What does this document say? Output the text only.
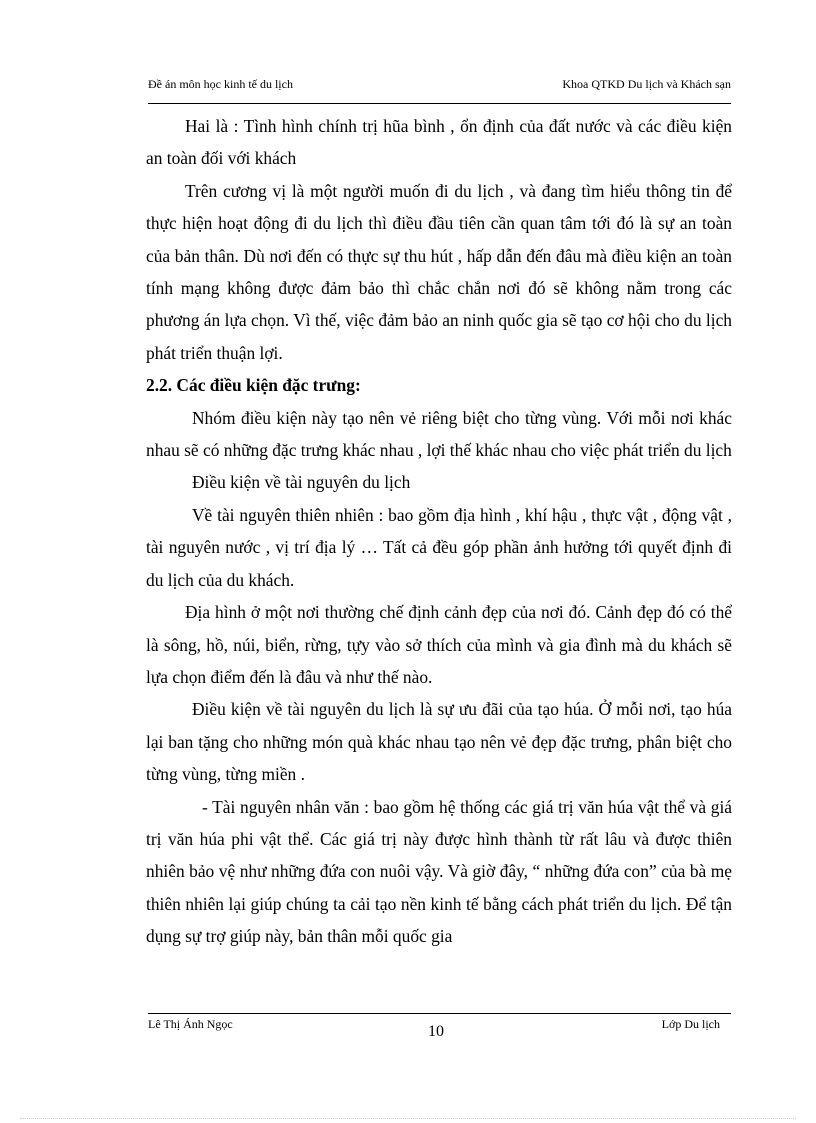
Đề án môn học kinh tế du lịch	Khoa QTKD Du lịch và Khách sạn

Hai là : Tình hình chính trị hũa bình , ổn định của đất nước và các điều kiện an toàn đối với khách

Trên cương vị là một người muốn đi du lịch , và đang tìm hiểu thông tin để thực hiện hoạt động đi du lịch thì điều đầu tiên cần quan tâm tới đó là sự an toàn của bản thân. Dù nơi đến có thực sự thu hút , hấp dẫn đến đâu mà điều kiện an toàn tính mạng không được đảm bảo thì chắc chắn nơi đó sẽ không nằm trong các phương án lựa chọn. Vì thế, việc đảm bảo an ninh quốc gia sẽ tạo cơ hội cho du lịch phát triển thuận lợi.

2.2. Các điều kiện đặc trưng:

Nhóm điều kiện này tạo nên vẻ riêng biệt cho từng vùng. Với mỗi nơi khác nhau sẽ có những đặc trưng khác nhau , lợi thế khác nhau cho việc phát triển du lịch

Điều kiện về tài nguyên du lịch

Về tài nguyên thiên nhiên : bao gồm địa hình , khí hậu , thực vật , động vật , tài nguyên nước , vị trí địa lý … Tất cả đều góp phần ảnh hưởng tới quyết định đi du lịch của du khách.

Địa hình ở một nơi thường chế định cảnh đẹp của nơi đó. Cảnh đẹp đó có thể là sông, hồ, núi, biển, rừng, tựy vào sở thích của mình và gia đình mà du khách sẽ lựa chọn điểm đến là đâu và như thế nào.

Điều kiện về tài nguyên du lịch là sự ưu đãi của tạo húa. Ở mỗi nơi, tạo húa lại ban tặng cho những món quà khác nhau tạo nên vẻ đẹp đặc trưng, phân biệt cho từng vùng, từng miền .

- Tài nguyên nhân văn : bao gồm hệ thống các giá trị văn húa vật thể và giá trị văn húa phi vật thể. Các giá trị này được hình thành từ rất lâu và được thiên nhiên bảo vệ như những đứa con nuôi vậy. Và giờ đây, “ những đứa con” của bà mẹ thiên nhiên lại giúp chúng ta cải tạo nền kinh tế bằng cách phát triển du lịch. Để tận dụng sự trợ giúp này, bản thân mỗi quốc gia

Lê Thị Ánh Ngọc	10	Lớp Du lịch
